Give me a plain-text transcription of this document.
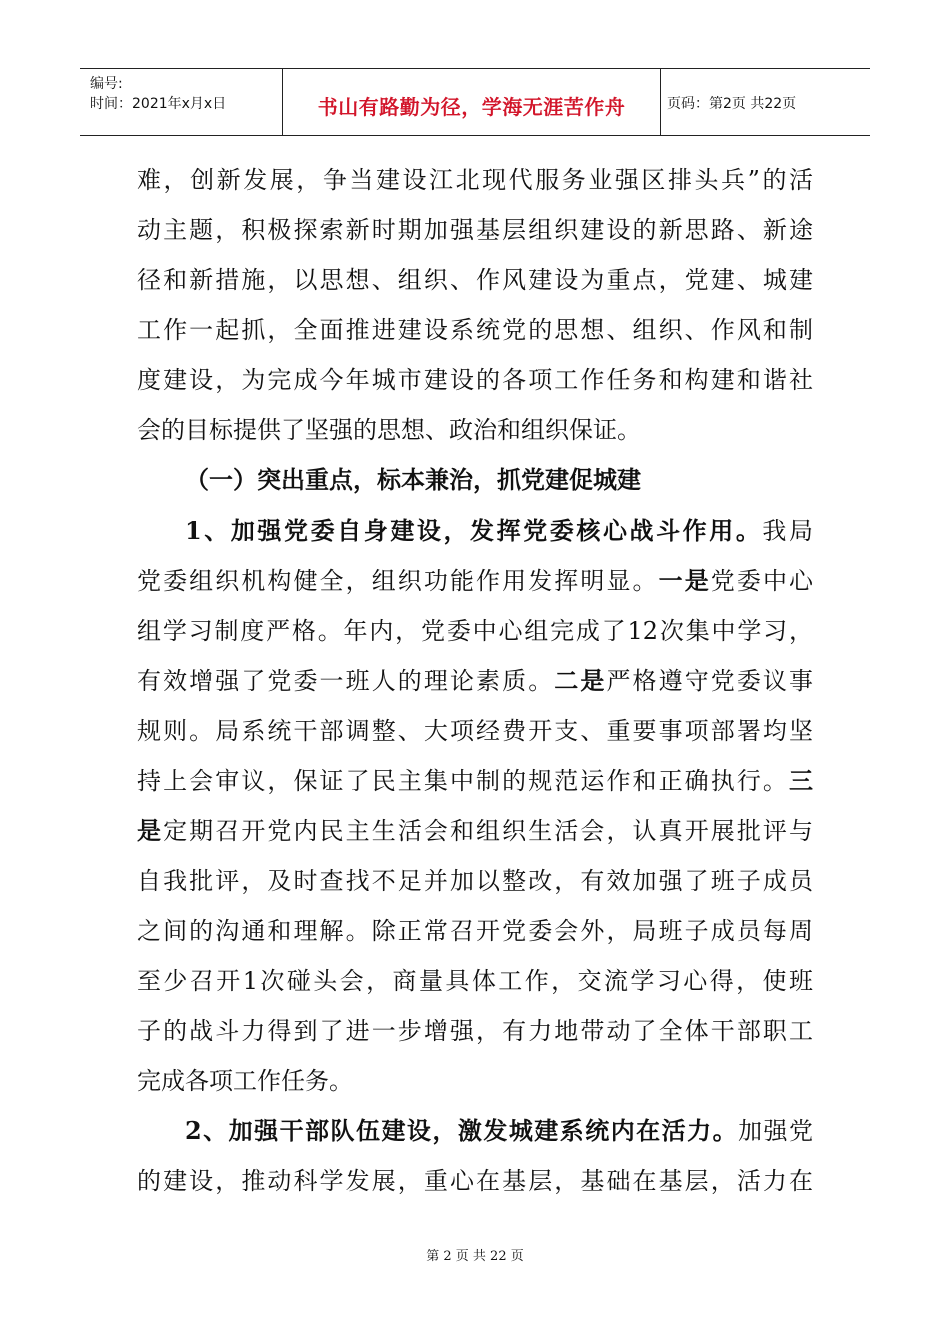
编号:
时间：2021年x月x日	书山有路勤为径，学海无涯苦作舟	页码：第2页 共22页
难，创新发展，争当建设江北现代服务业强区排头兵”的活
动主题，积极探索新时期加强基层组织建设的新思路、新途
径和新措施，以思想、组织、作风建设为重点，党建、城建
工作一起抓，全面推进建设系统党的思想、组织、作风和制
度建设，为完成今年城市建设的各项工作任务和构建和谐社
会的目标提供了坚强的思想、政治和组织保证。
（一）突出重点，标本兼治，抓党建促城建
1、加强党委自身建设，发挥党委核心战斗作用。我局
党委组织机构健全，组织功能作用发挥明显。一是党委中心
组学习制度严格。年内，党委中心组完成了12次集中学习，
有效增强了党委一班人的理论素质。二是严格遵守党委议事
规则。局系统干部调整、大项经费开支、重要事项部署均坚
持上会审议，保证了民主集中制的规范运作和正确执行。三
是定期召开党内民主生活会和组织生活会，认真开展批评与
自我批评，及时查找不足并加以整改，有效加强了班子成员
之间的沟通和理解。除正常召开党委会外，局班子成员每周
至少召开1次碰头会，商量具体工作，交流学习心得，使班
子的战斗力得到了进一步增强，有力地带动了全体干部职工
完成各项工作任务。
2、加强干部队伍建设，激发城建系统内在活力。加强党
的建设，推动科学发展，重心在基层，基础在基层，活力在
第 2 页 共 22 页
